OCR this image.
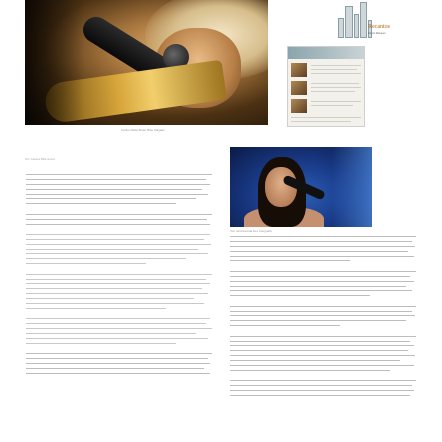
Carlos Malta Boiler Blas Salgado
Recantos
Dércio Marques
Por Juliana Bittencourt
Voz reconhecida Dez fotografia
